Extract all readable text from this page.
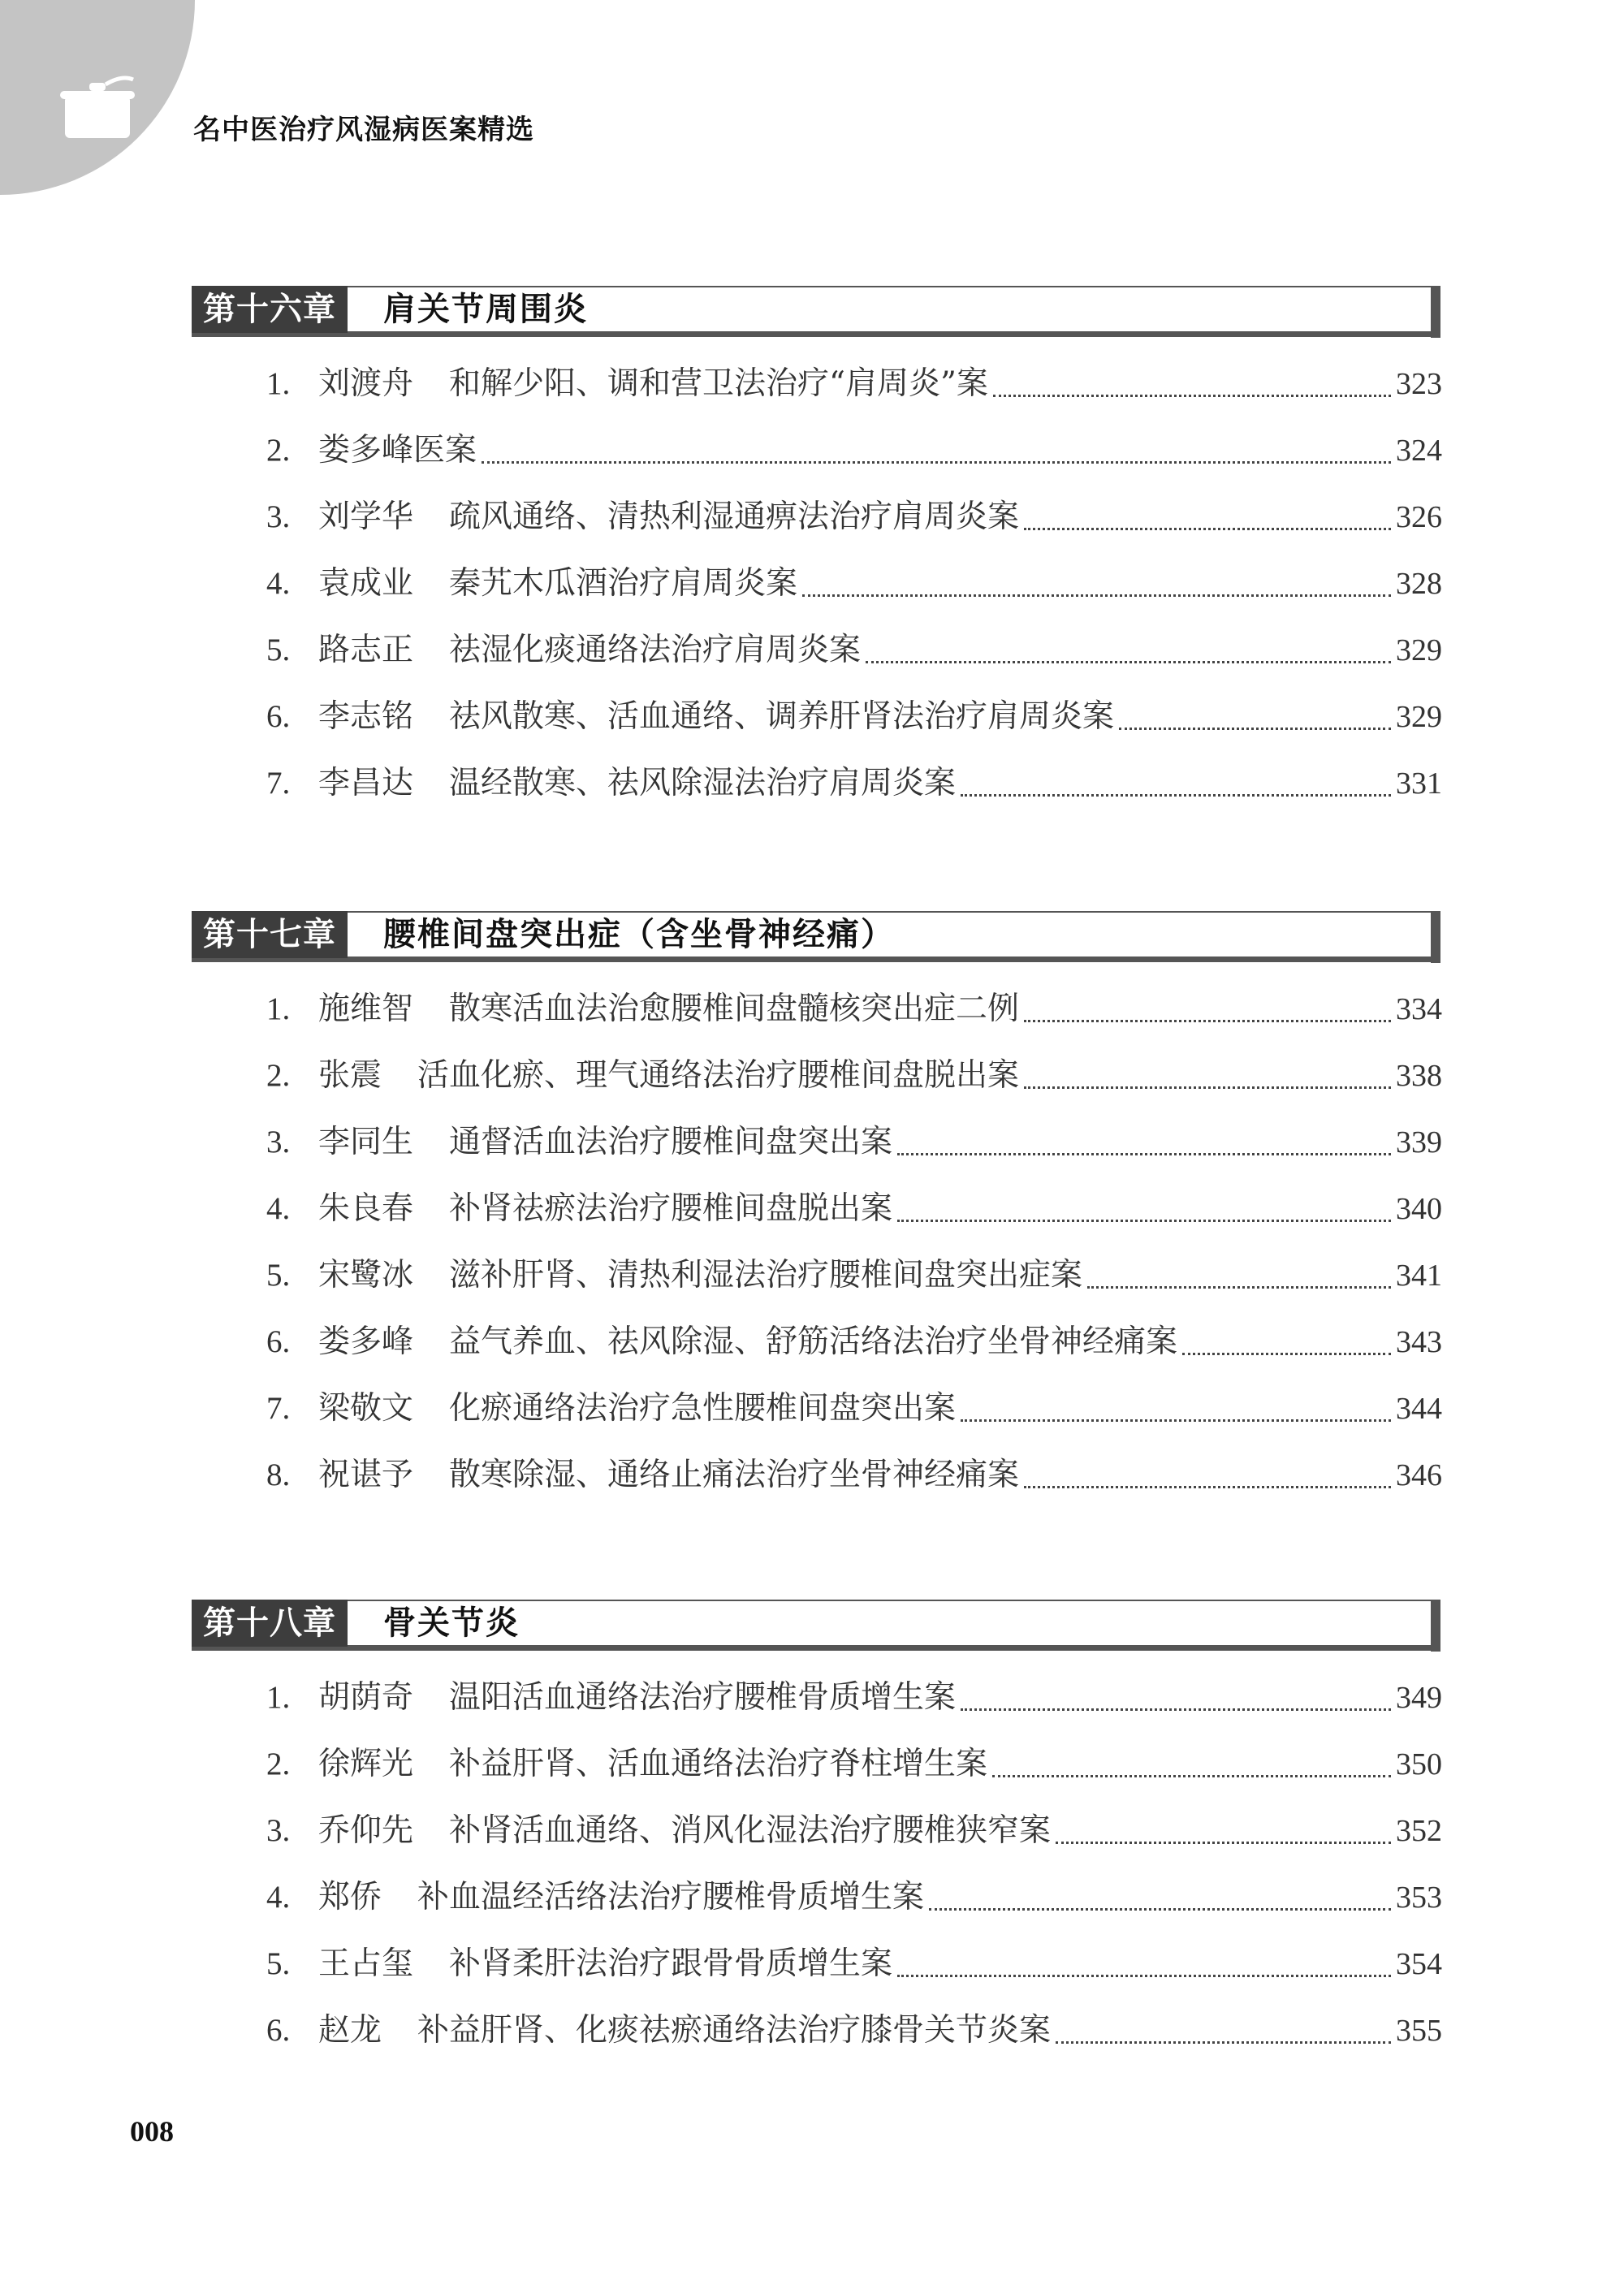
名中医治疗风湿病医案精选
第十六章	肩关节周围炎
1. 刘渡舟 和解少阳、调和营卫法治疗“肩周炎”案	323
2. 娄多峰医案	324
3. 刘学华 疏风通络、清热利湿通痹法治疗肩周炎案	326
4. 袁成业 秦艽木瓜酒治疗肩周炎案	328
5. 路志正 祛湿化痰通络法治疗肩周炎案	329
6. 李志铭 祛风散寒、活血通络、调养肝肾法治疗肩周炎案	329
7. 李昌达 温经散寒、祛风除湿法治疗肩周炎案	331
第十七章	腰椎间盘突出症（含坐骨神经痛）
1. 施维智 散寒活血法治愈腰椎间盘髓核突出症二例	334
2. 张震 活血化瘀、理气通络法治疗腰椎间盘脱出案	338
3. 李同生 通督活血法治疗腰椎间盘突出案	339
4. 朱良春 补肾祛瘀法治疗腰椎间盘脱出案	340
5. 宋鹭冰 滋补肝肾、清热利湿法治疗腰椎间盘突出症案	341
6. 娄多峰 益气养血、祛风除湿、舒筋活络法治疗坐骨神经痛案	343
7. 梁敬文 化瘀通络法治疗急性腰椎间盘突出案	344
8. 祝谌予 散寒除湿、通络止痛法治疗坐骨神经痛案	346
第十八章	骨关节炎
1. 胡荫奇 温阳活血通络法治疗腰椎骨质增生案	349
2. 徐辉光 补益肝肾、活血通络法治疗脊柱增生案	350
3. 乔仰先 补肾活血通络、消风化湿法治疗腰椎狭窄案	352
4. 郑侨 补血温经活络法治疗腰椎骨质增生案	353
5. 王占玺 补肾柔肝法治疗跟骨骨质增生案	354
6. 赵龙 补益肝肾、化痰祛瘀通络法治疗膝骨关节炎案	355
008
